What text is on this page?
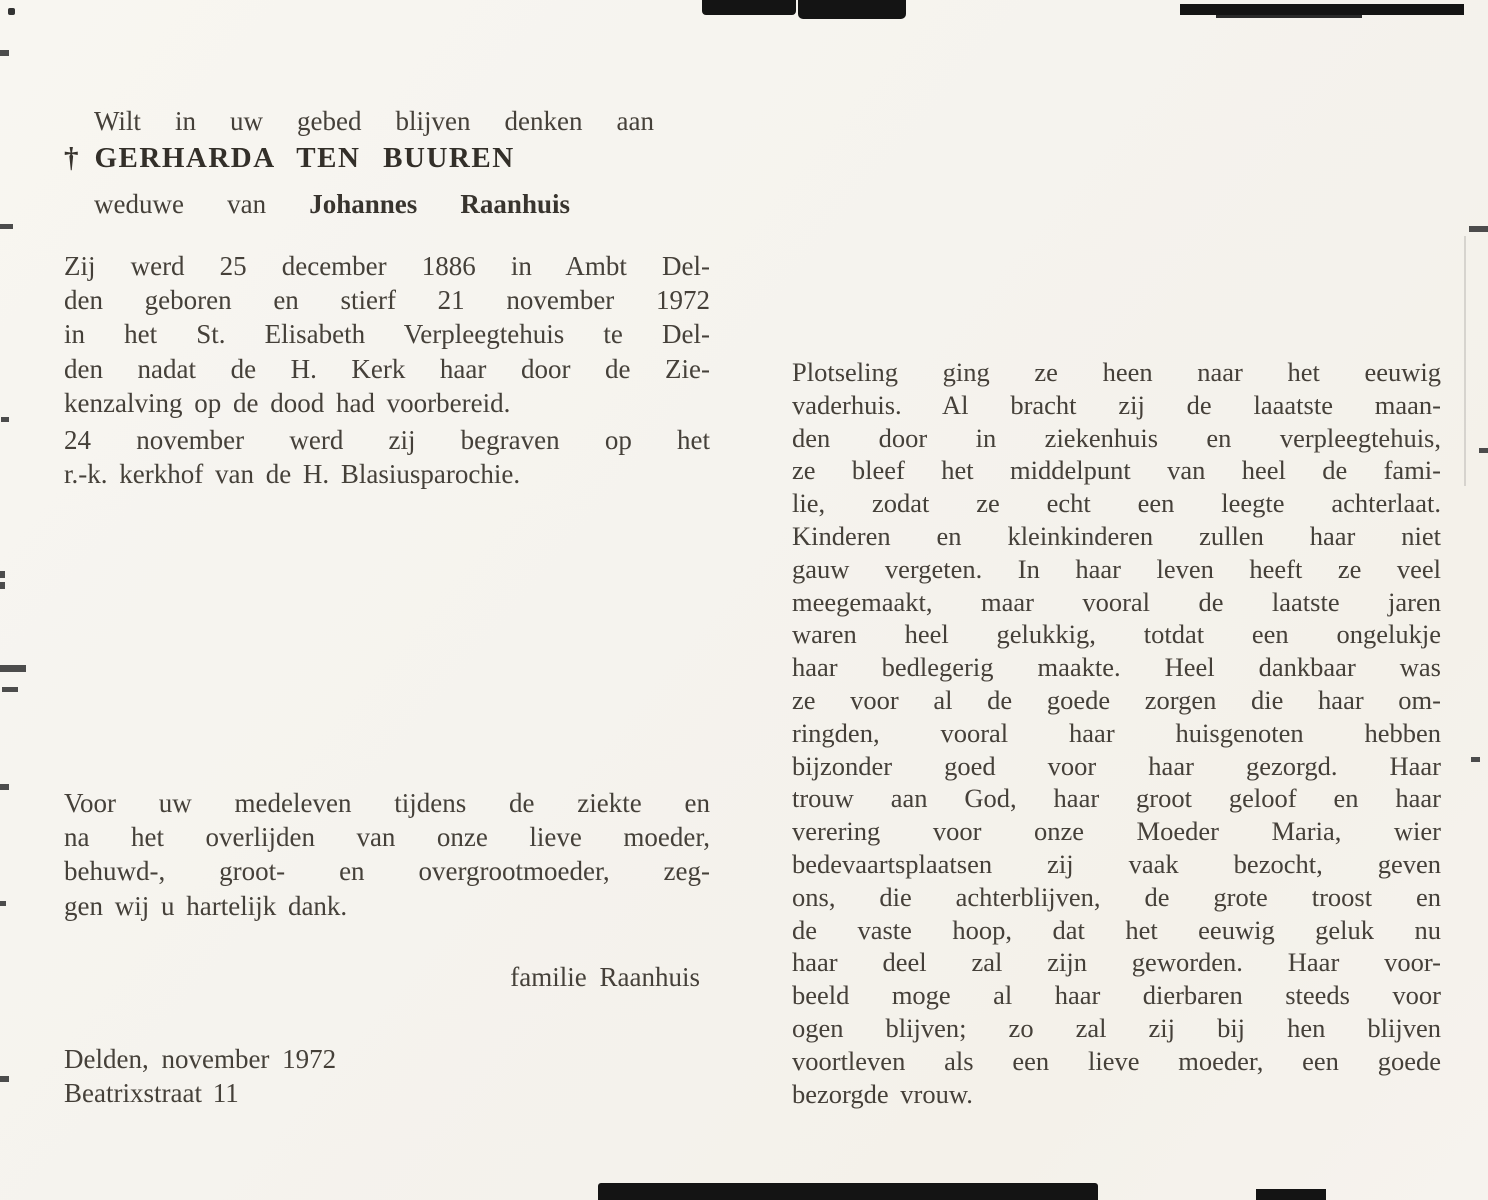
Wilt in uw gebed blijven denken aan
† GERHARDA TEN BUUREN
weduwe van Johannes Raanhuis
Zij werd 25 december 1886 in Ambt Del-
den geboren en stierf 21 november 1972
in het St. Elisabeth Verpleegtehuis te Del-
den nadat de H. Kerk haar door de Zie-
kenzalving op de dood had voorbereid.
24 november werd zij begraven op het
r.-k. kerkhof van de H. Blasiusparochie.
Voor uw medeleven tijdens de ziekte en
na het overlijden van onze lieve moeder,
behuwd-, groot- en overgrootmoeder, zeg-
gen wij u hartelijk dank.
familie Raanhuis
Delden, november 1972
Beatrixstraat 11
Plotseling ging ze heen naar het eeuwig
vaderhuis. Al bracht zij de laaatste maan-
den door in ziekenhuis en verpleegtehuis,
ze bleef het middelpunt van heel de fami-
lie, zodat ze echt een leegte achterlaat.
Kinderen en kleinkinderen zullen haar niet
gauw vergeten. In haar leven heeft ze veel
meegemaakt, maar vooral de laatste jaren
waren heel gelukkig, totdat een ongelukje
haar bedlegerig maakte. Heel dankbaar was
ze voor al de goede zorgen die haar om-
ringden, vooral haar huisgenoten hebben
bijzonder goed voor haar gezorgd. Haar
trouw aan God, haar groot geloof en haar
verering voor onze Moeder Maria, wier
bedevaartsplaatsen zij vaak bezocht, geven
ons, die achterblijven, de grote troost en
de vaste hoop, dat het eeuwig geluk nu
haar deel zal zijn geworden. Haar voor-
beeld moge al haar dierbaren steeds voor
ogen blijven; zo zal zij bij hen blijven
voortleven als een lieve moeder, een goede
bezorgde vrouw.
